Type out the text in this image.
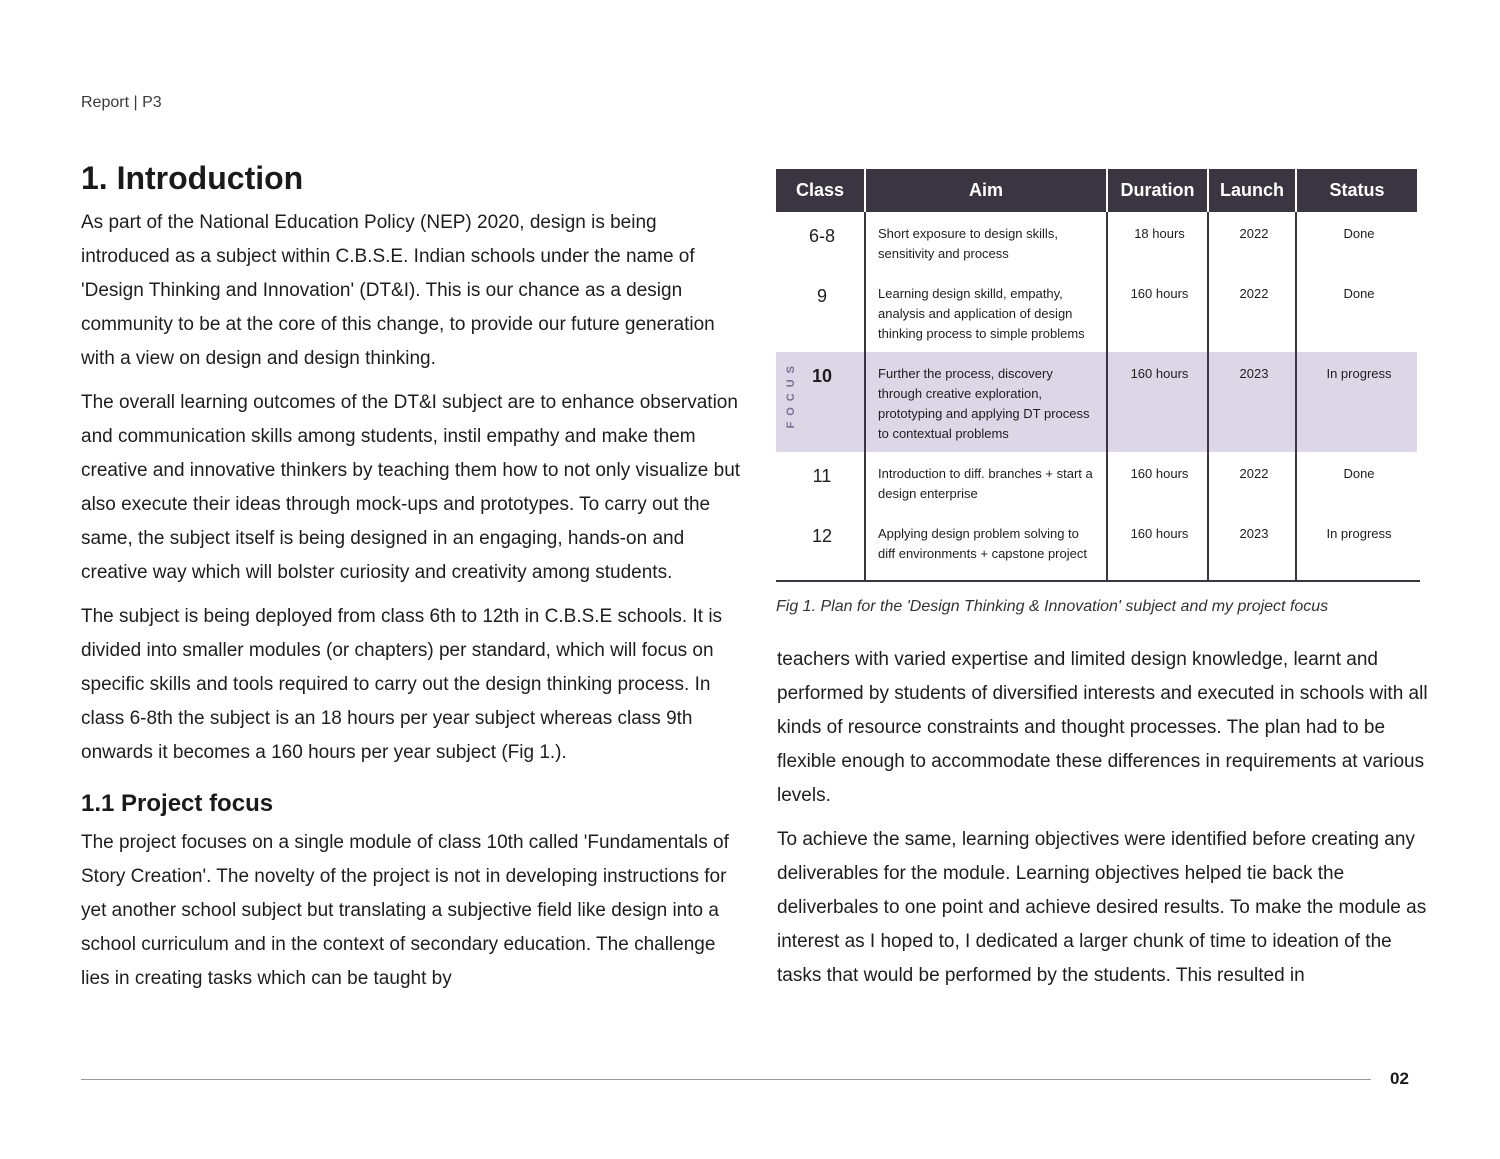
Report | P3
1. Introduction

As part of the National Education Policy (NEP) 2020, design is being introduced as a subject within C.B.S.E. Indian schools under the name of 'Design Thinking and Innovation' (DT&I). This is our chance as a design community to be at the core of this change, to provide our future generation with a view on design and design thinking.

The overall learning outcomes of the DT&I subject are to enhance observation and communication skills among students, instil empathy and make them creative and innovative thinkers by teaching them how to not only visualize but also execute their ideas through mock-ups and prototypes. To carry out the same, the subject itself is being designed in an engaging, hands-on and creative way which will bolster curiosity and creativity among students.

The subject is being deployed from class 6th to 12th in C.B.S.E schools. It is divided into smaller modules (or chapters) per standard, which will focus on specific skills and tools required to carry out the design thinking process. In class 6-8th the subject is an 18 hours per year subject whereas class 9th onwards it becomes a 160 hours per year subject (Fig 1.).

1.1 Project focus

The project focuses on a single module of class 10th called 'Fundamentals of Story Creation'. The novelty of the project is not in developing instructions for yet another school subject but translating a subjective field like design into a school curriculum and in the context of secondary education. The challenge lies in creating tasks which can be taught by

Class	Aim	Duration	Launch	Status
6-8	Short exposure to design skills, sensitivity and process	18 hours	2022	Done
9	Learning design skilld, empathy, analysis and application of design thinking process to simple problems	160 hours	2022	Done

FOCUS 10	Further the process, discovery through creative exploration, prototyping and applying DT process to contextual problems	160 hours	2023	In progress
11	Introduction to diff. branches + start a design enterprise	160 hours	2022	Done
12	Applying design problem solving to diff environments + capstone project	160 hours	2023	In progress
Fig 1. Plan for the 'Design Thinking & Innovation' subject and my project focus

teachers with varied expertise and limited design knowledge, learnt and performed by students of diversified interests and executed in schools with all kinds of resource constraints and thought processes. The plan had to be flexible enough to accommodate these differences in requirements at various levels.

To achieve the same, learning objectives were identified before creating any deliverables for the module. Learning objectives helped tie back the deliverbales to one point and achieve desired results. To make the module as interest as I hoped to, I dedicated a larger chunk of time to ideation of the tasks that would be performed by the students. This resulted in

02
